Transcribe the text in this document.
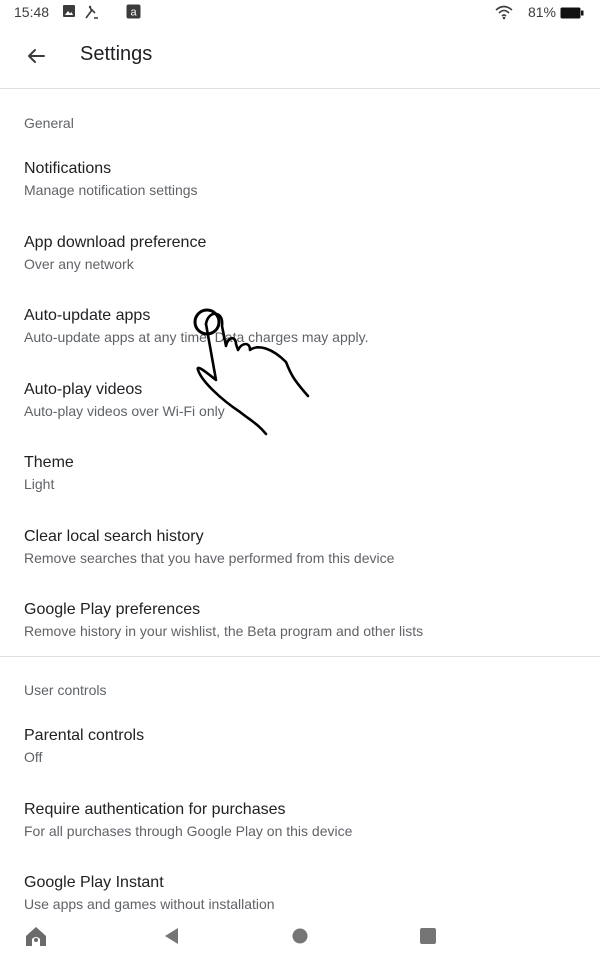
15:48	a	81%
Settings
General
Notifications
Manage notification settings
App download preference
Over any network
Auto-update apps
Auto-update apps at any time. Data charges may apply.
Auto-play videos
Auto-play videos over Wi-Fi only
Theme
Light
Clear local search history
Remove searches that you have performed from this device
Google Play preferences
Remove history in your wishlist, the Beta program and other lists
User controls
Parental controls
Off
Require authentication for purchases
For all purchases through Google Play on this device
Google Play Instant
Use apps and games without installation
